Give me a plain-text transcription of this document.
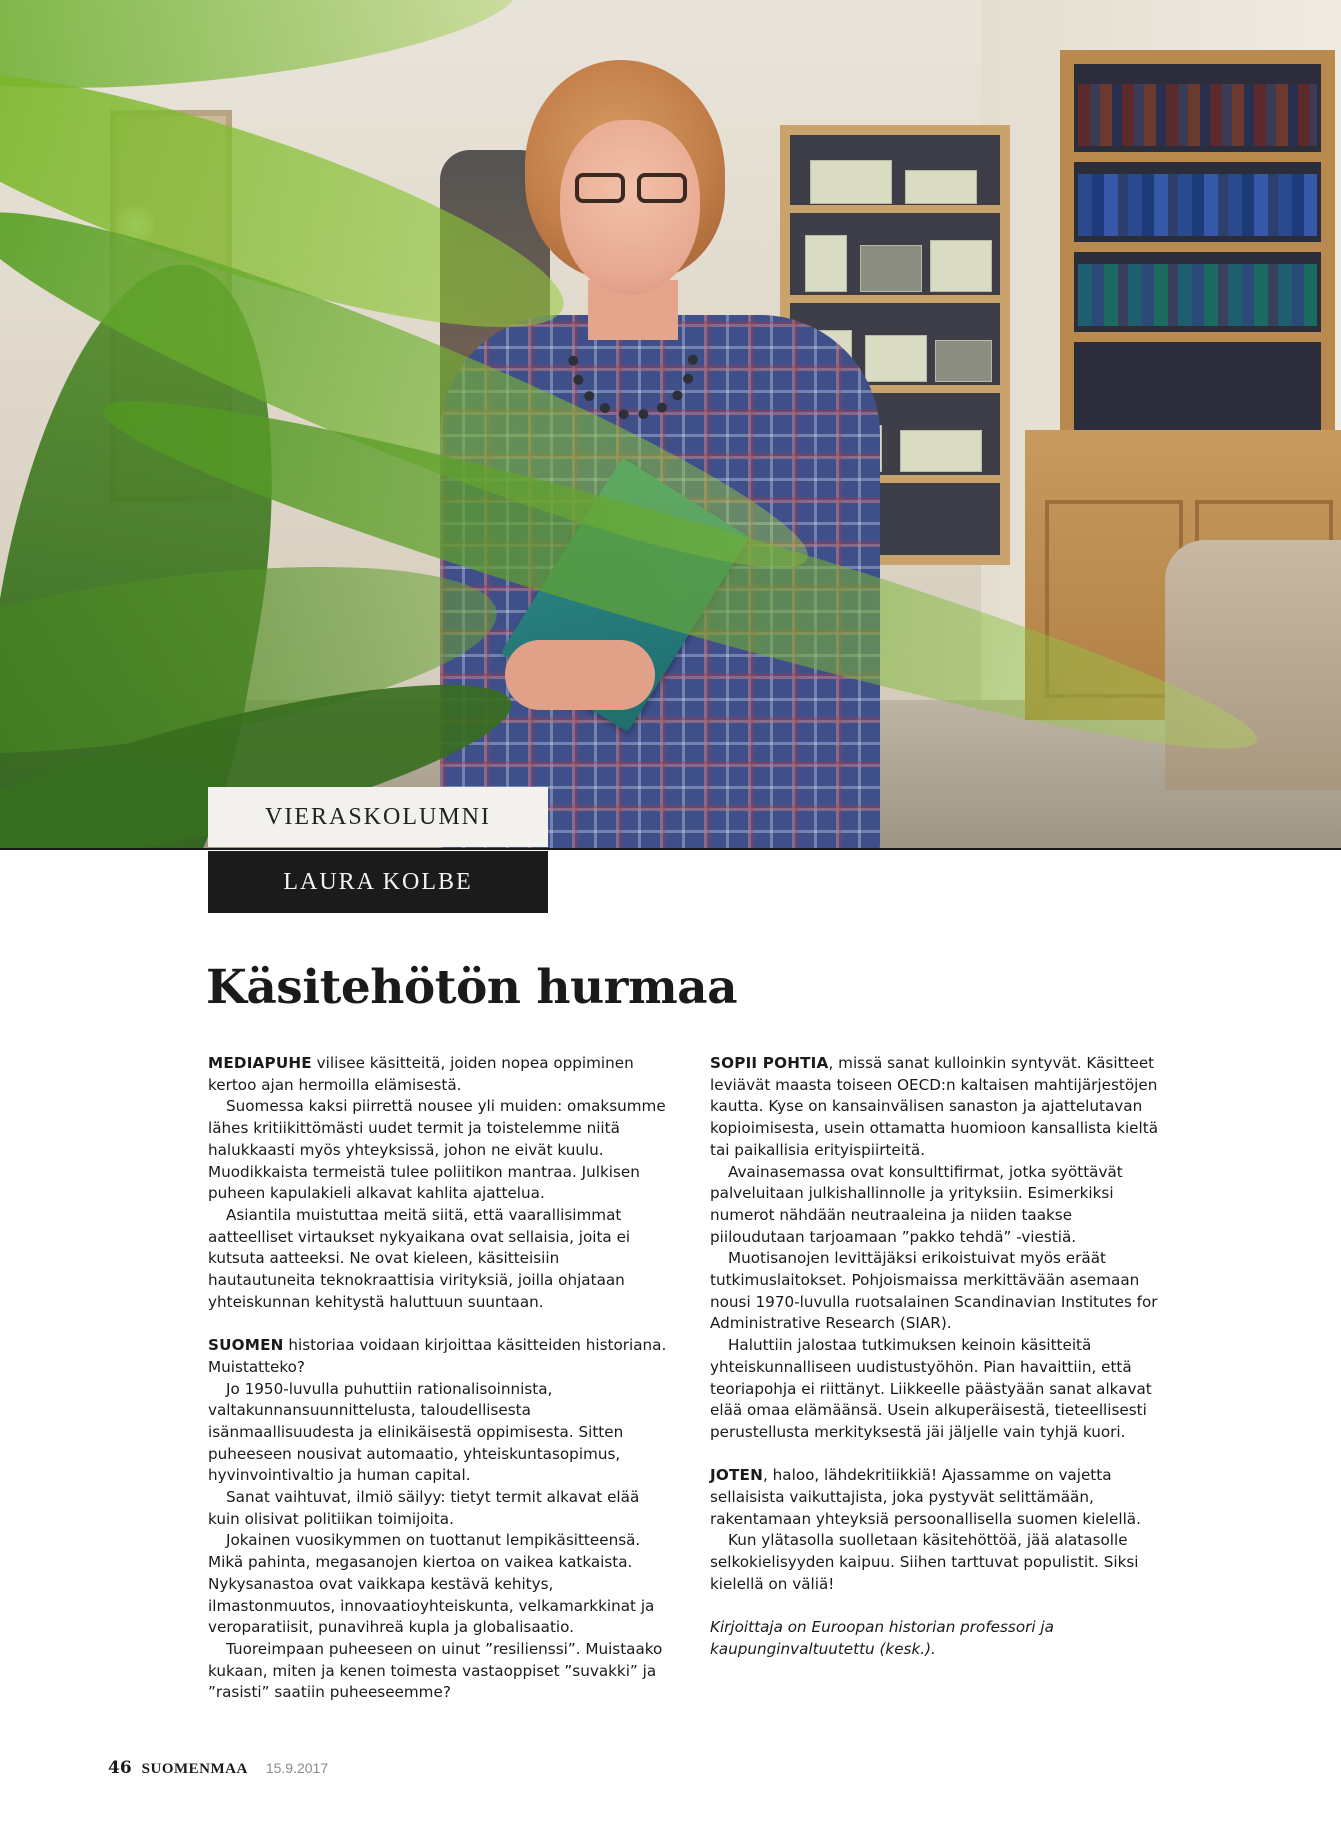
VIERASKOLUMNI
LAURA KOLBE
Käsitehötön hurmaa

MEDIAPUHE vilisee käsitteitä, joiden nopea oppiminen kertoo ajan hermoilla elämisestä.

Suomessa kaksi piirrettä nousee yli muiden: omaksumme lähes kritiikittömästi uudet termit ja toistelemme niitä halukkaasti myös yhteyksissä, johon ne eivät kuulu. Muodikkaista termeistä tulee poliitikon mantraa. Julkisen puheen kapulakieli alkavat kahlita ajattelua.

Asiantila muistuttaa meitä siitä, että vaarallisimmat aatteelliset virtaukset nykyaikana ovat sellaisia, joita ei kutsuta aatteeksi. Ne ovat kieleen, käsitteisiin hautautuneita teknokraattisia virityksiä, joilla ohjataan yhteiskunnan kehitystä haluttuun suuntaan.

SUOMEN historiaa voidaan kirjoittaa käsitteiden historiana. Muistatteko?

Jo 1950-luvulla puhuttiin rationalisoinnista, valtakunnansuunnittelusta, taloudellisesta isänmaallisuudesta ja elinikäisestä oppimisesta. Sitten puheeseen nousivat automaatio, yhteiskuntasopimus, hyvinvointivaltio ja human capital.

Sanat vaihtuvat, ilmiö säilyy: tietyt termit alkavat elää kuin olisivat politiikan toimijoita.

Jokainen vuosikymmen on tuottanut lempikäsitteensä. Mikä pahinta, megasanojen kiertoa on vaikea katkaista. Nykysanastoa ovat vaikkapa kestävä kehitys, ilmastonmuutos, innovaatioyhteiskunta, velkamarkkinat ja veroparatiisit, punavihreä kupla ja globalisaatio.

Tuoreimpaan puheeseen on uinut ”resilienssi”. Muistaako kukaan, miten ja kenen toimesta vastaoppiset ”suvakki” ja ”rasisti” saatiin puheeseemme?

SOPII POHTIA, missä sanat kulloinkin syntyvät. Käsitteet leviävät maasta toiseen OECD:n kaltaisen mahtijärjestöjen kautta. Kyse on kansainvälisen sanaston ja ajattelutavan kopioimisesta, usein ottamatta huomioon kansallista kieltä tai paikallisia erityispiirteitä.

Avainasemassa ovat konsulttifirmat, jotka syöttävät palveluitaan julkishallinnolle ja yrityksiin. Esimerkiksi numerot nähdään neutraaleina ja niiden taakse piiloudutaan tarjoamaan ”pakko tehdä” -viestiä.

Muotisanojen levittäjäksi erikoistuivat myös eräät tutkimuslaitokset. Pohjoismaissa merkittävään asemaan nousi 1970-luvulla ruotsalainen Scandinavian Institutes for Administrative Research (SIAR).

Haluttiin jalostaa tutkimuksen keinoin käsitteitä yhteiskunnalliseen uudistustyöhön. Pian havaittiin, että teoriapohja ei riittänyt. Liikkeelle päästyään sanat alkavat elää omaa elämäänsä. Usein alkuperäisestä, tieteellisesti perustellusta merkityksestä jäi jäljelle vain tyhjä kuori.

JOTEN, haloo, lähdekritiikkiä! Ajassamme on vajetta sellaisista vaikuttajista, joka pystyvät selittämään, rakentamaan yhteyksiä persoonallisella suomen kielellä.

Kun ylätasolla suolletaan käsitehöttöä, jää alatasolle selkokielisyyden kaipuu. Siihen tarttuvat populistit. Siksi kielellä on väliä!

Kirjoittaja on Euroopan historian professori ja kaupunginvaltuutettu (kesk.).

46 SUOMENMAA 15.9.2017
